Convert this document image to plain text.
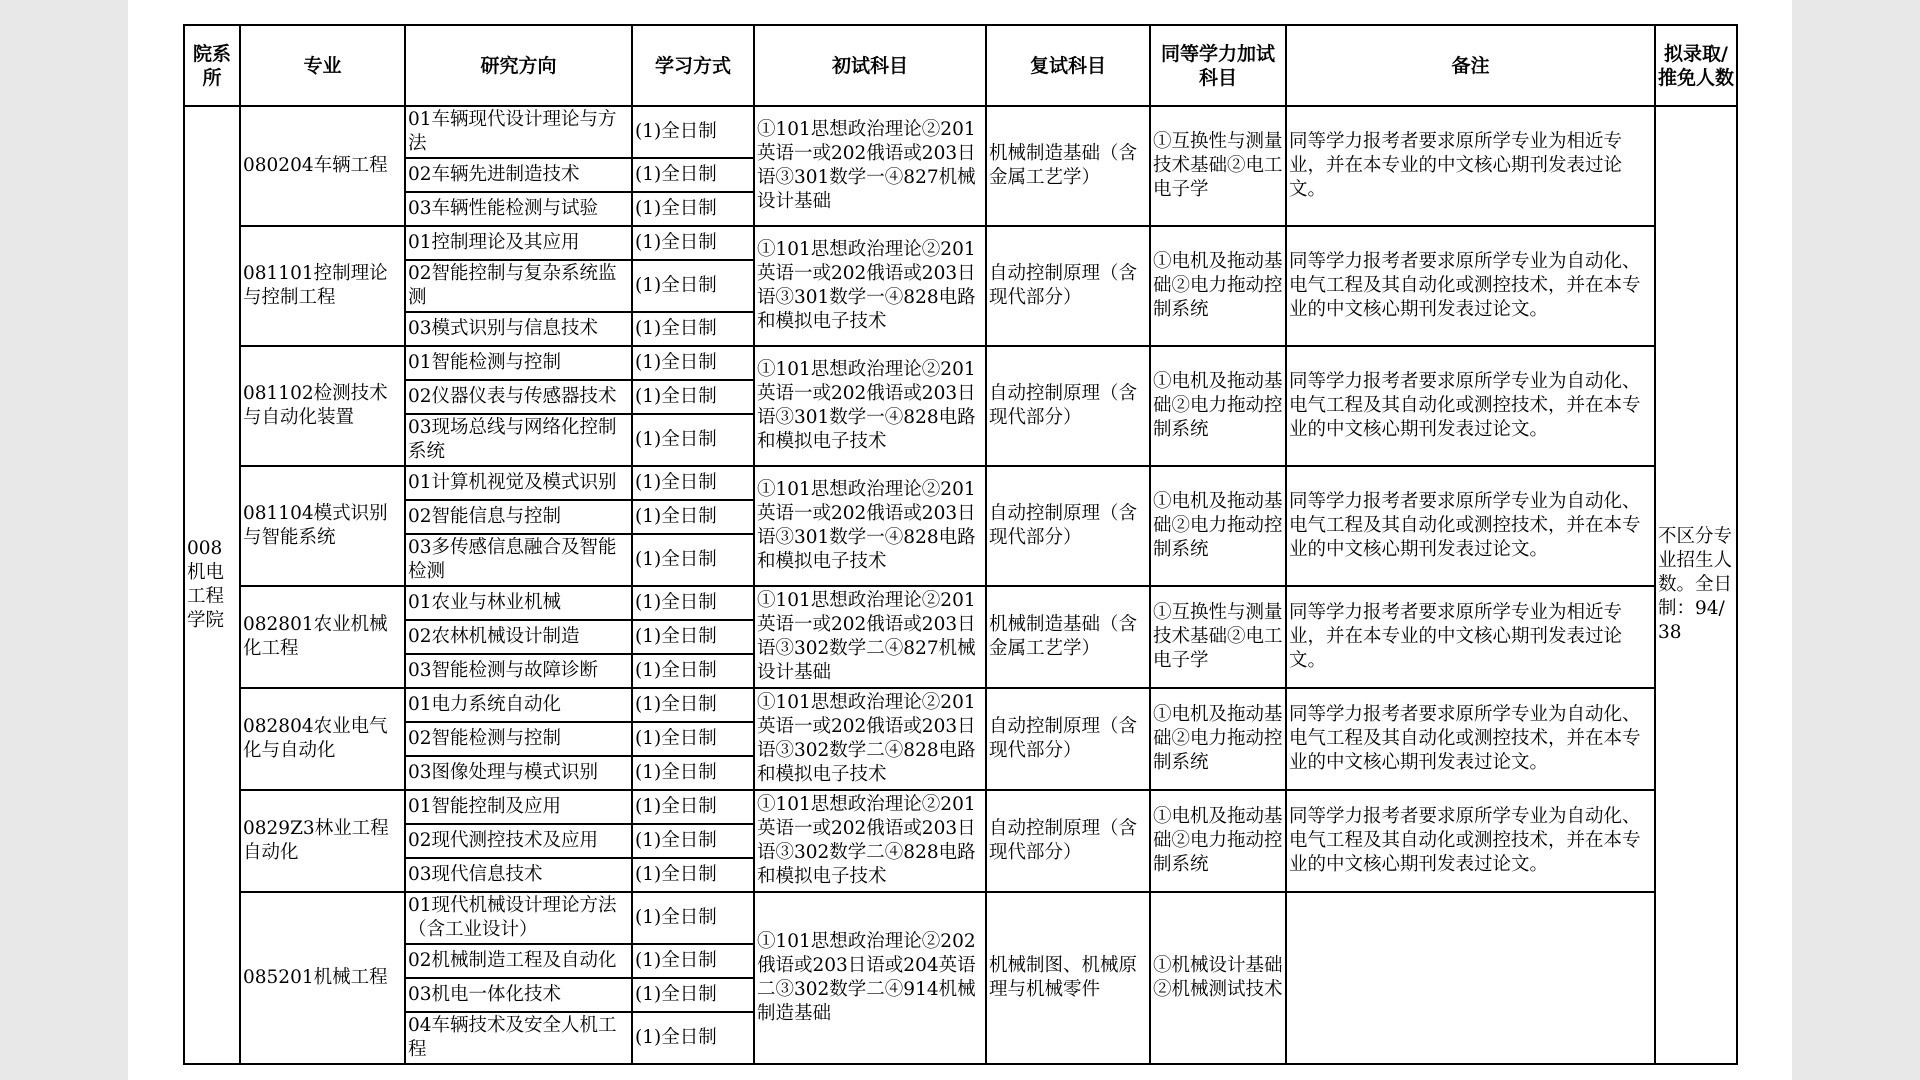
院系所	专业	研究方向	学习方式	初试科目	复试科目	同等学力加试科目	备注	拟录取/推免人数
008机电工程学院	080204车辆工程	01车辆现代设计理论与方法	(1)全日制	①101思想政治理论②201英语一或202俄语或203日语③301数学一④827机械设计基础	机械制造基础（含金属工艺学）	①互换性与测量技术基础②电工电子学	同等学力报考者要求原所学专业为相近专业，并在本专业的中文核心期刊发表过论文。	不区分专业招生人数。全日制：94/38
		02车辆先进制造技术	(1)全日制					
		03车辆性能检测与试验	(1)全日制					
	081101控制理论与控制工程	01控制理论及其应用	(1)全日制	①101思想政治理论②201英语一或202俄语或203日语③301数学一④828电路和模拟电子技术	自动控制原理（含现代部分）	①电机及拖动基础②电力拖动控制系统	同等学力报考者要求原所学专业为自动化、电气工程及其自动化或测控技术，并在本专业的中文核心期刊发表过论文。	
		02智能控制与复杂系统监测	(1)全日制					
		03模式识别与信息技术	(1)全日制					
	081102检测技术与自动化装置	01智能检测与控制	(1)全日制	①101思想政治理论②201英语一或202俄语或203日语③301数学一④828电路和模拟电子技术	自动控制原理（含现代部分）	①电机及拖动基础②电力拖动控制系统	同等学力报考者要求原所学专业为自动化、电气工程及其自动化或测控技术，并在本专业的中文核心期刊发表过论文。	
		02仪器仪表与传感器技术	(1)全日制					
		03现场总线与网络化控制系统	(1)全日制					
	081104模式识别与智能系统	01计算机视觉及模式识别	(1)全日制	①101思想政治理论②201英语一或202俄语或203日语③301数学一④828电路和模拟电子技术	自动控制原理（含现代部分）	①电机及拖动基础②电力拖动控制系统	同等学力报考者要求原所学专业为自动化、电气工程及其自动化或测控技术，并在本专业的中文核心期刊发表过论文。	
		02智能信息与控制	(1)全日制					
		03多传感信息融合及智能检测	(1)全日制					
	082801农业机械化工程	01农业与林业机械	(1)全日制	①101思想政治理论②201英语一或202俄语或203日语③302数学二④827机械设计基础	机械制造基础（含金属工艺学）	①互换性与测量技术基础②电工电子学	同等学力报考者要求原所学专业为相近专业，并在本专业的中文核心期刊发表过论文。	
		02农林机械设计制造	(1)全日制					
		03智能检测与故障诊断	(1)全日制					
	082804农业电气化与自动化	01电力系统自动化	(1)全日制	①101思想政治理论②201英语一或202俄语或203日语③302数学二④828电路和模拟电子技术	自动控制原理（含现代部分）	①电机及拖动基础②电力拖动控制系统	同等学力报考者要求原所学专业为自动化、电气工程及其自动化或测控技术，并在本专业的中文核心期刊发表过论文。	
		02智能检测与控制	(1)全日制					
		03图像处理与模式识别	(1)全日制					
	0829Z3林业工程自动化	01智能控制及应用	(1)全日制	①101思想政治理论②201英语一或202俄语或203日语③302数学二④828电路和模拟电子技术	自动控制原理（含现代部分）	①电机及拖动基础②电力拖动控制系统	同等学力报考者要求原所学专业为自动化、电气工程及其自动化或测控技术，并在本专业的中文核心期刊发表过论文。	
		02现代测控技术及应用	(1)全日制					
		03现代信息技术	(1)全日制					
	085201机械工程	01现代机械设计理论方法（含工业设计）	(1)全日制	①101思想政治理论②202俄语或203日语或204英语二③302数学二④914机械制造基础	机械制图、机械原理与机械零件	①机械设计基础②机械测试技术		
		02机械制造工程及自动化	(1)全日制					
		03机电一体化技术	(1)全日制					
		04车辆技术及安全人机工程	(1)全日制					
